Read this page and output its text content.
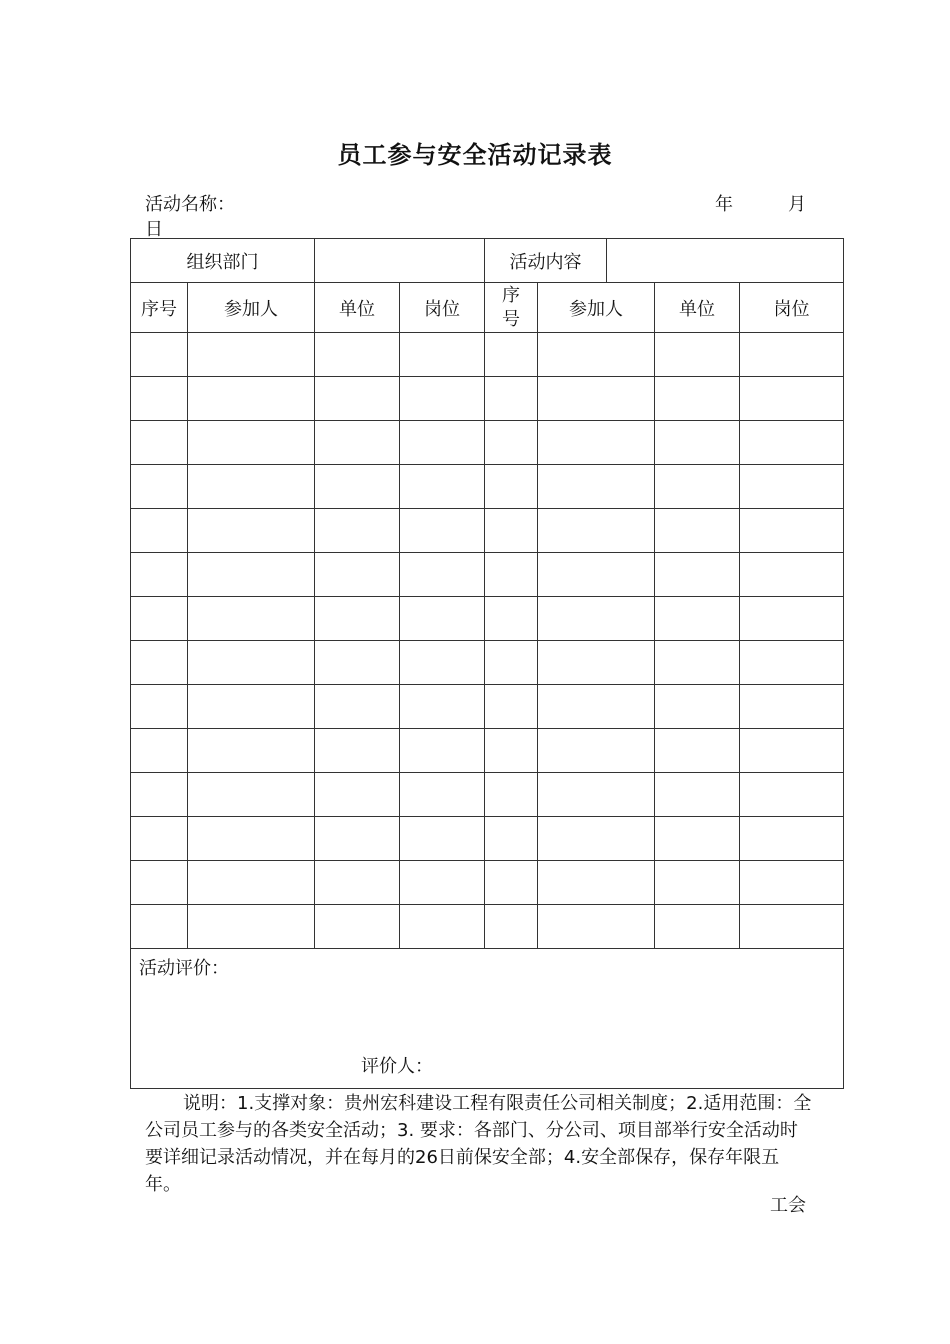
员工参与安全活动记录表
活动名称：	年	月
日
组织部门				活动内容				
序号	参加人	单位	岗位	序号	参加人		单位	岗位

活动评价：
评价人：								
说明：1.支撑对象：贵州宏科建设工程有限责任公司相关制度；2.适用范围：全公司员工参与的各类安全活动；3. 要求：各部门、分公司、项目部举行安全活动时要详细记录活动情况，并在每月的26日前保安全部；4.安全部保存，保存年限五年。
工会
